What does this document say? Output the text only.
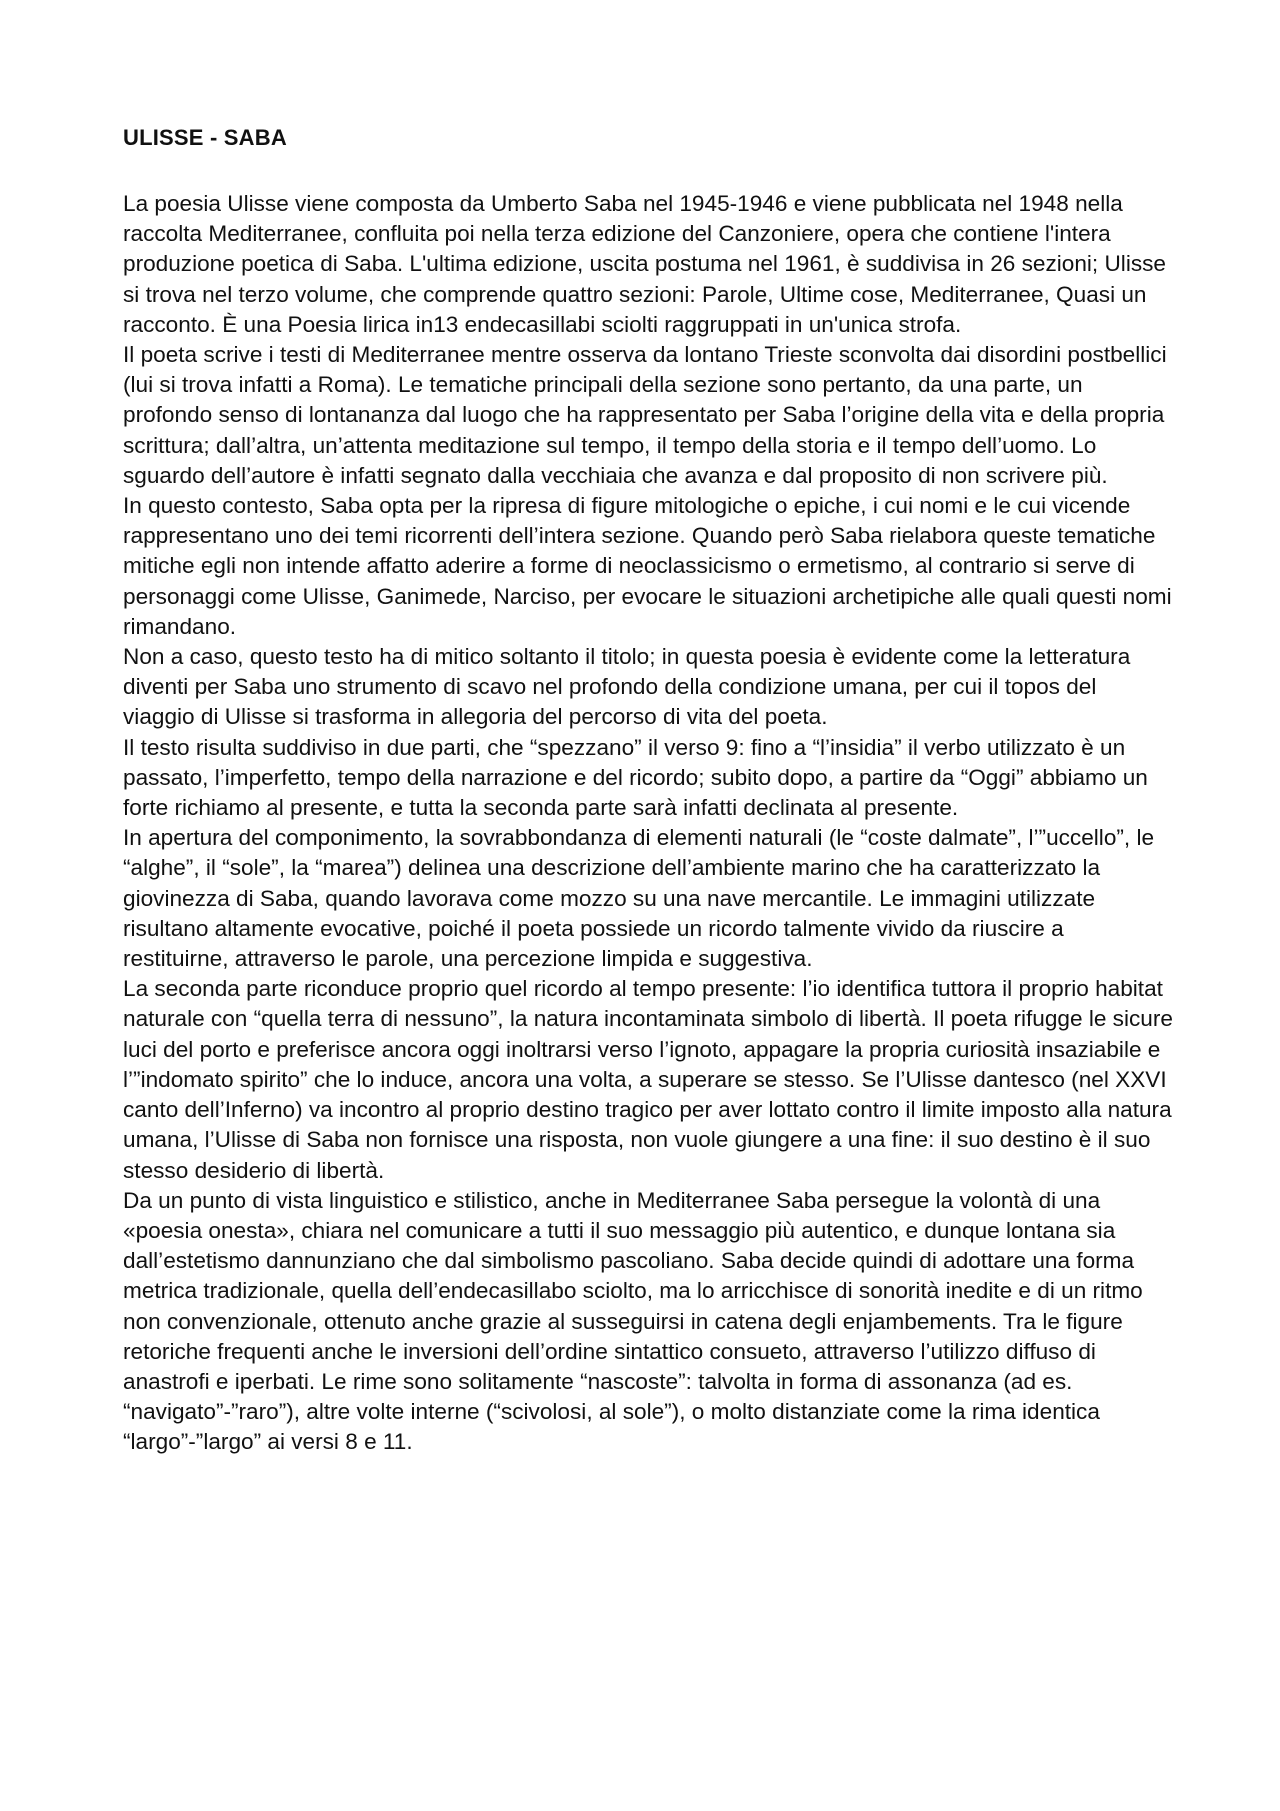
ULISSE - SABA

La poesia Ulisse viene composta da Umberto Saba nel 1945-1946 e viene pubblicata nel 1948 nella raccolta Mediterranee, confluita poi nella terza edizione del Canzoniere, opera che contiene l'intera produzione poetica di Saba. L'ultima edizione, uscita postuma nel 1961, è suddivisa in 26 sezioni; Ulisse si trova nel terzo volume, che comprende quattro sezioni: Parole, Ultime cose, Mediterranee, Quasi un racconto. È una Poesia lirica in13 endecasillabi sciolti raggruppati in un'unica strofa.

Il poeta scrive i testi di Mediterranee mentre osserva da lontano Trieste sconvolta dai disordini postbellici (lui si trova infatti a Roma). Le tematiche principali della sezione sono pertanto, da una parte, un profondo senso di lontananza dal luogo che ha rappresentato per Saba l’origine della vita e della propria scrittura; dall’altra, un’attenta meditazione sul tempo, il tempo della storia e il tempo dell’uomo. Lo sguardo dell’autore è infatti segnato dalla vecchiaia che avanza e dal proposito di non scrivere più.

In questo contesto, Saba opta per la ripresa di figure mitologiche o epiche, i cui nomi e le cui vicende rappresentano uno dei temi ricorrenti dell’intera sezione. Quando però Saba rielabora queste tematiche mitiche egli non intende affatto aderire a forme di neoclassicismo o ermetismo, al contrario si serve di personaggi come Ulisse, Ganimede, Narciso, per evocare le situazioni archetipiche alle quali questi nomi rimandano.

Non a caso, questo testo ha di mitico soltanto il titolo; in questa poesia è evidente come la letteratura diventi per Saba uno strumento di scavo nel profondo della condizione umana, per cui il topos del viaggio di Ulisse si trasforma in allegoria del percorso di vita del poeta.

Il testo risulta suddiviso in due parti, che “spezzano” il verso 9: fino a “l’insidia” il verbo utilizzato è un passato, l’imperfetto, tempo della narrazione e del ricordo; subito dopo, a partire da “Oggi” abbiamo un forte richiamo al presente, e tutta la seconda parte sarà infatti declinata al presente.

In apertura del componimento, la sovrabbondanza di elementi naturali (le “coste dalmate”, l’”uccello”, le “alghe”, il “sole”, la “marea”) delinea una descrizione dell’ambiente marino che ha caratterizzato la giovinezza di Saba, quando lavorava come mozzo su una nave mercantile. Le immagini utilizzate risultano altamente evocative, poiché il poeta possiede un ricordo talmente vivido da riuscire a restituirne, attraverso le parole, una percezione limpida e suggestiva.

La seconda parte riconduce proprio quel ricordo al tempo presente: l’io identifica tuttora il proprio habitat naturale con “quella terra di nessuno”, la natura incontaminata simbolo di libertà. Il poeta rifugge le sicure luci del porto e preferisce ancora oggi inoltrarsi verso l’ignoto, appagare la propria curiosità insaziabile e l’”indomato spirito” che lo induce, ancora una volta, a superare se stesso. Se l’Ulisse dantesco (nel XXVI canto dell’Inferno) va incontro al proprio destino tragico per aver lottato contro il limite imposto alla natura umana, l’Ulisse di Saba non fornisce una risposta, non vuole giungere a una fine: il suo destino è il suo stesso desiderio di libertà.

Da un punto di vista linguistico e stilistico, anche in Mediterranee Saba persegue la volontà di una «poesia onesta», chiara nel comunicare a tutti il suo messaggio più autentico, e dunque lontana sia dall’estetismo dannunziano che dal simbolismo pascoliano. Saba decide quindi di adottare una forma metrica tradizionale, quella dell’endecasillabo sciolto, ma lo arricchisce di sonorità inedite e di un ritmo non convenzionale, ottenuto anche grazie al susseguirsi in catena degli enjambements. Tra le figure retoriche frequenti anche le inversioni dell’ordine sintattico consueto, attraverso l’utilizzo diffuso di anastrofi e iperbati. Le rime sono solitamente “nascoste”: talvolta in forma di assonanza (ad es. “navigato”-”raro”), altre volte interne (“scivolosi, al sole”), o molto distanziate come la rima identica “largo”-”largo” ai versi 8 e 11.
